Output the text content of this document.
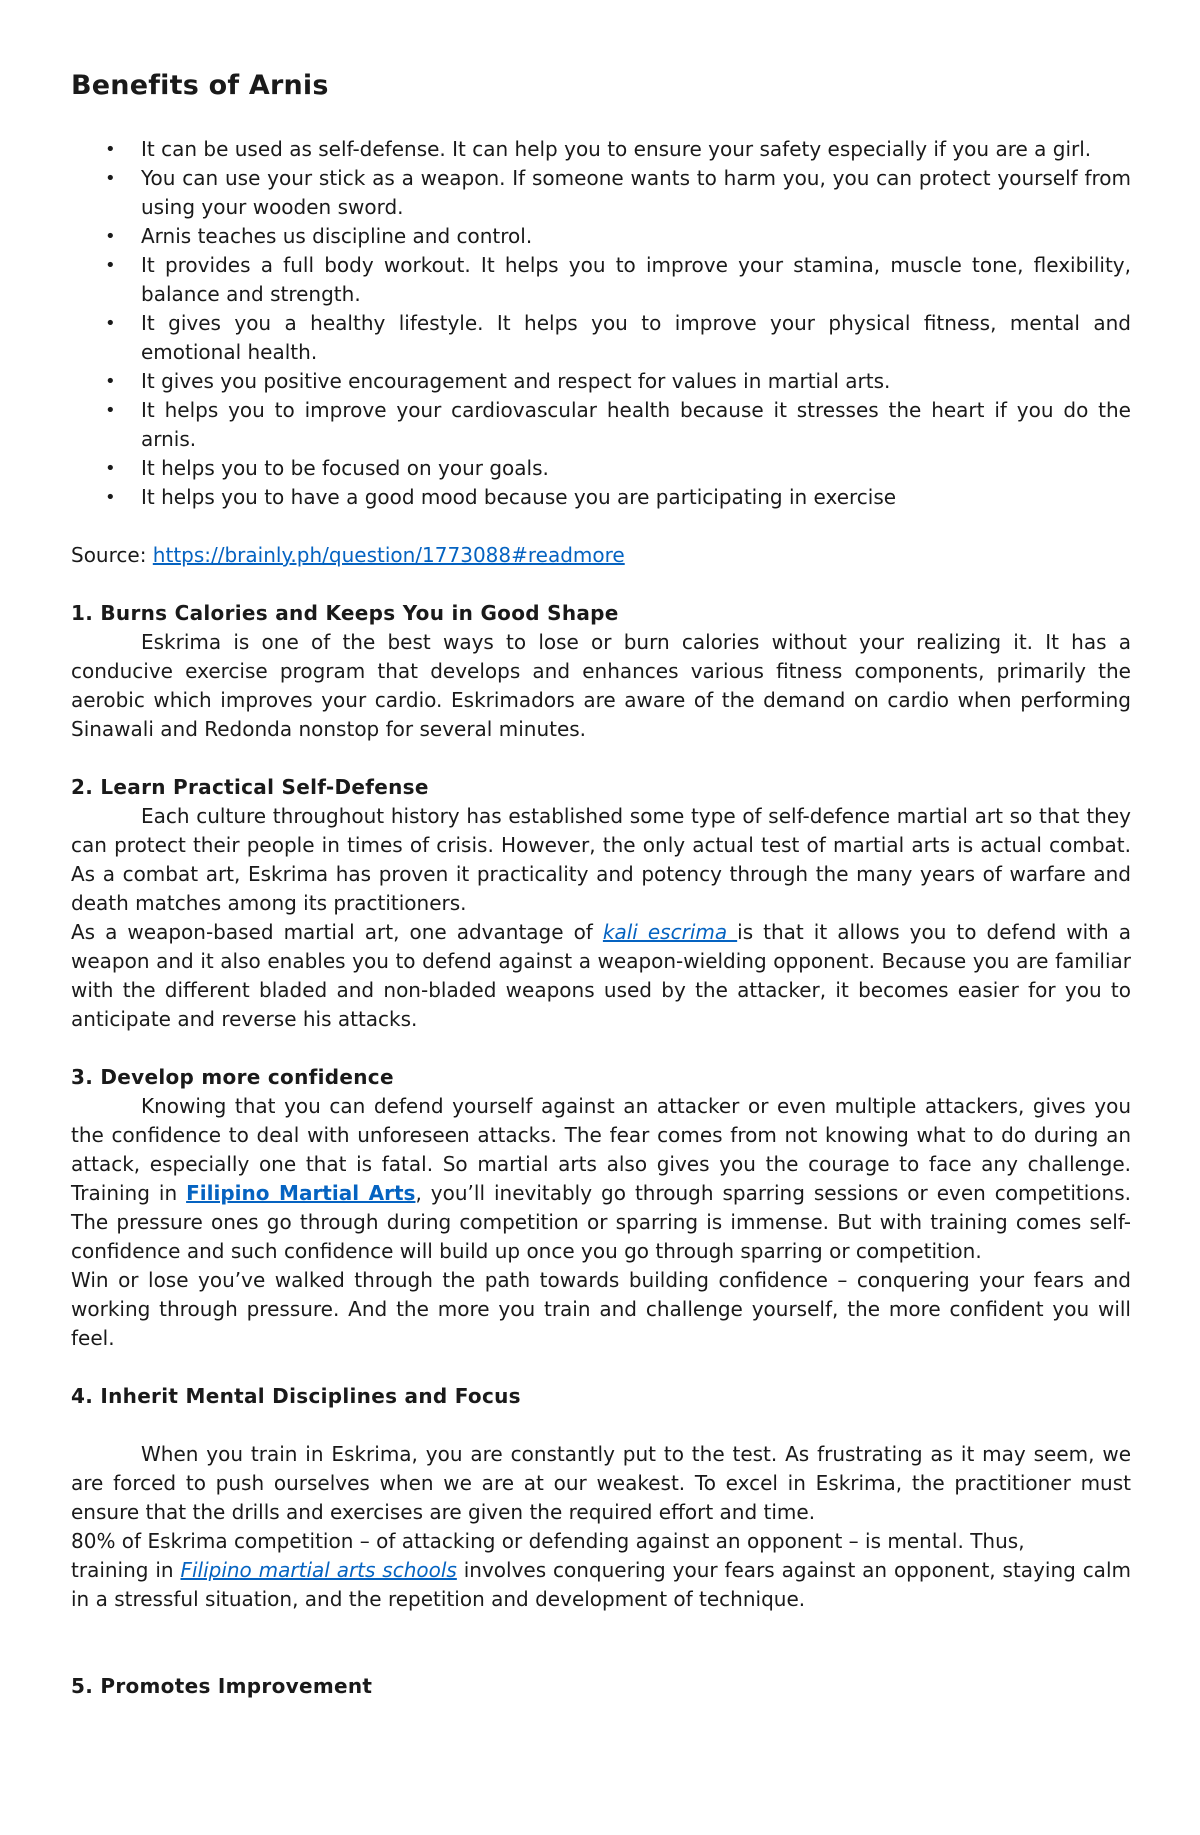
Benefits of Arnis
• It can be used as self-defense. It can help you to ensure your safety especially if you are a girl.
• You can use your stick as a weapon. If someone wants to harm you, you can protect yourself from using your wooden sword.
• Arnis teaches us discipline and control.
• It provides a full body workout. It helps you to improve your stamina, muscle tone, flexibility, balance and strength.
• It gives you a healthy lifestyle. It helps you to improve your physical fitness, mental and emotional health.
• It gives you positive encouragement and respect for values in martial arts.
• It helps you to improve your cardiovascular health because it stresses the heart if you do the arnis.
• It helps you to be focused on your goals.
• It helps you to have a good mood because you are participating in exercise
Source: https://brainly.ph/question/1773088#readmore
1. Burns Calories and Keeps You in Good Shape
Eskrima is one of the best ways to lose or burn calories without your realizing it. It has a conducive exercise program that develops and enhances various fitness components, primarily the aerobic which improves your cardio. Eskrimadors are aware of the demand on cardio when performing Sinawali and Redonda nonstop for several minutes.
2. Learn Practical Self-Defense
Each culture throughout history has established some type of self-defence martial art so that they can protect their people in times of crisis. However, the only actual test of martial arts is actual combat. As a combat art, Eskrima has proven it practicality and potency through the many years of warfare and death matches among its practitioners.
As a weapon-based martial art, one advantage of kali escrima is that it allows you to defend with a weapon and it also enables you to defend against a weapon-wielding opponent. Because you are familiar with the different bladed and non-bladed weapons used by the attacker, it becomes easier for you to anticipate and reverse his attacks.
3. Develop more confidence
Knowing that you can defend yourself against an attacker or even multiple attackers, gives you the confidence to deal with unforeseen attacks. The fear comes from not knowing what to do during an attack, especially one that is fatal. So martial arts also gives you the courage to face any challenge. Training in Filipino Martial Arts, you’ll inevitably go through sparring sessions or even competitions. The pressure ones go through during competition or sparring is immense. But with training comes self-confidence and such confidence will build up once you go through sparring or competition.
Win or lose you’ve walked through the path towards building confidence – conquering your fears and working through pressure. And the more you train and challenge yourself, the more confident you will feel.
4. Inherit Mental Disciplines and Focus
When you train in Eskrima, you are constantly put to the test. As frustrating as it may seem, we are forced to push ourselves when we are at our weakest. To excel in Eskrima, the practitioner must ensure that the drills and exercises are given the required effort and time.
80% of Eskrima competition – of attacking or defending against an opponent – is mental. Thus,
training in Filipino martial arts schools involves conquering your fears against an opponent, staying calm in a stressful situation, and the repetition and development of technique.
5. Promotes Improvement
